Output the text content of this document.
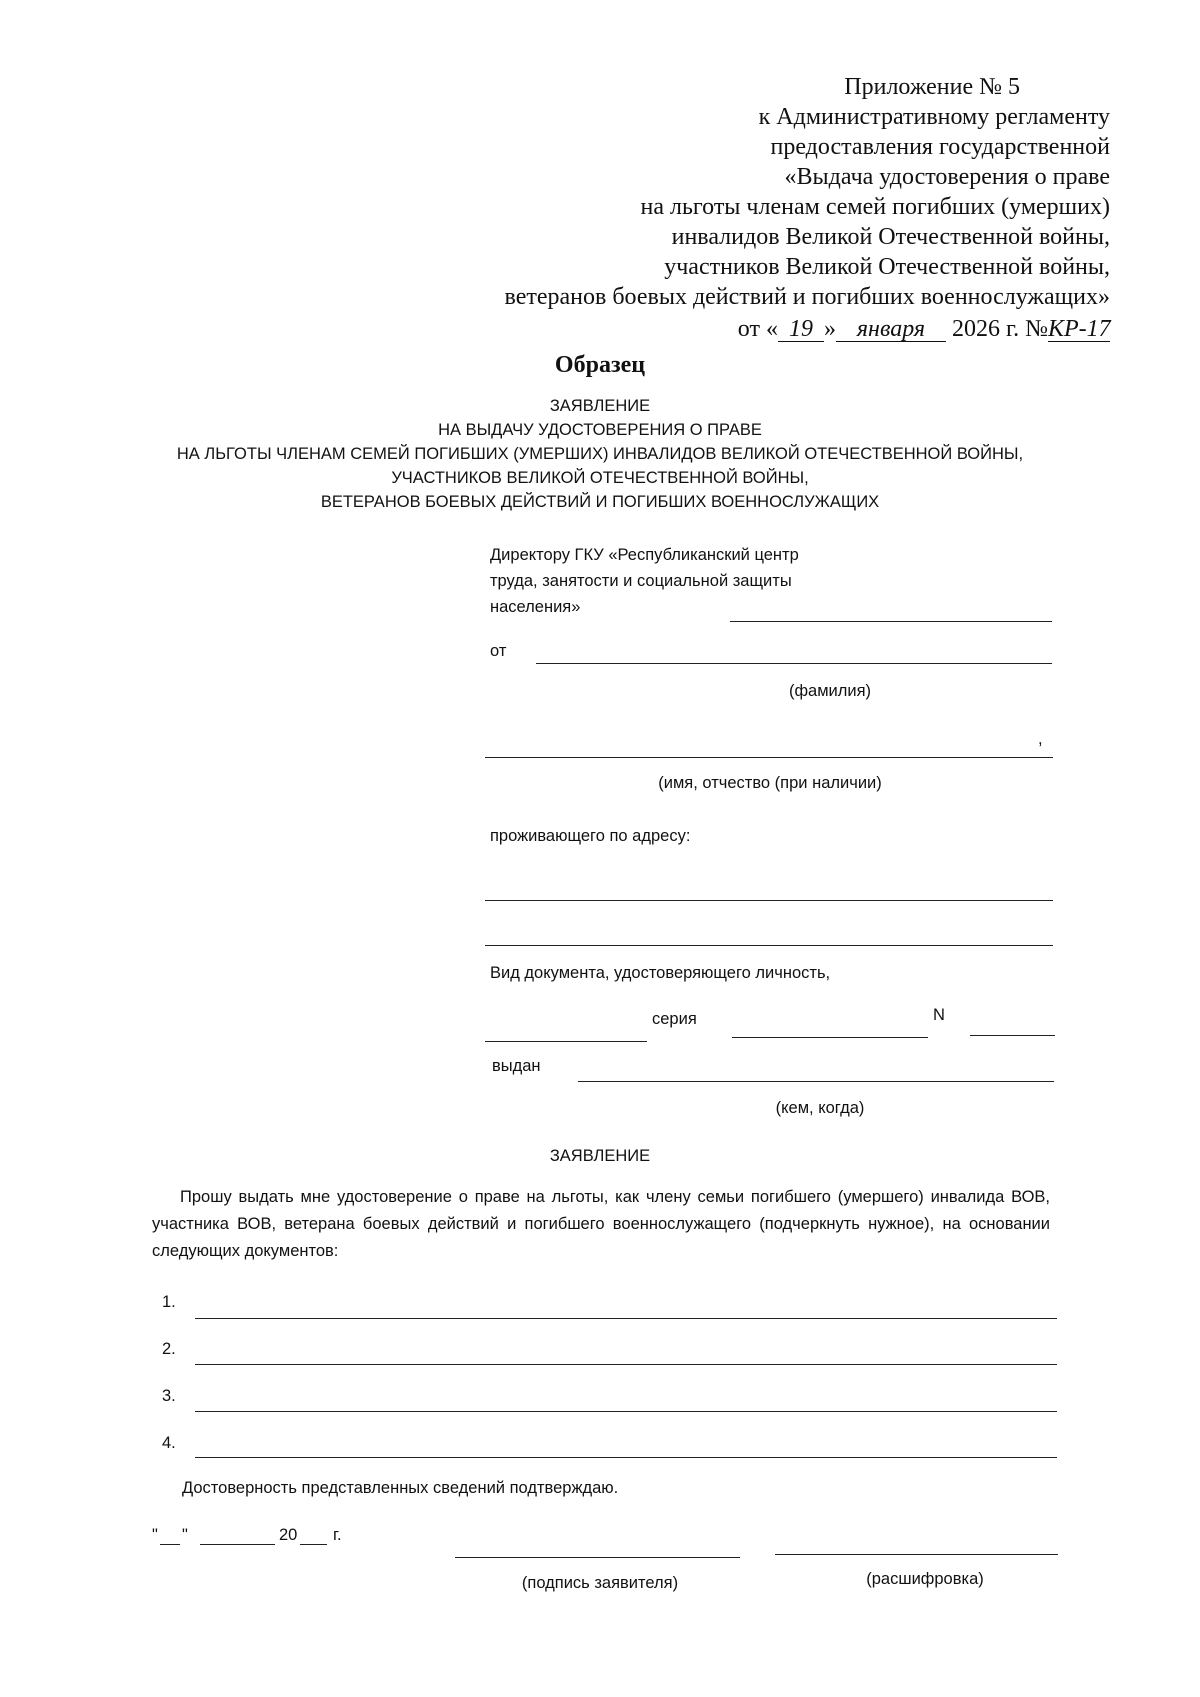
Приложение № 5
к Административному регламенту
предоставления государственной
«Выдача удостоверения о праве
на льготы членам семей погибших (умерших)
инвалидов Великой Отечественной войны,
участников Великой Отечественной войны,
ветеранов боевых действий и погибших военнослужащих»
от « 19 » января 2026 г. №КР-17
Образец
ЗАЯВЛЕНИЕ
НА ВЫДАЧУ УДОСТОВЕРЕНИЯ О ПРАВЕ
НА ЛЬГОТЫ ЧЛЕНАМ СЕМЕЙ ПОГИБШИХ (УМЕРШИХ) ИНВАЛИДОВ ВЕЛИКОЙ ОТЕЧЕСТВЕННОЙ ВОЙНЫ,
УЧАСТНИКОВ ВЕЛИКОЙ ОТЕЧЕСТВЕННОЙ ВОЙНЫ,
ВЕТЕРАНОВ БОЕВЫХ ДЕЙСТВИЙ И ПОГИБШИХ ВОЕННОСЛУЖАЩИХ
Директору ГКУ «Республиканский центр
труда, занятости и социальной защиты
населения»
от
(фамилия)
,
(имя, отчество (при наличии)
проживающего по адресу:
Вид документа, удостоверяющего личность,
серия	N
выдан
(кем, когда)
ЗАЯВЛЕНИЕ
Прошу выдать мне удостоверение о праве на льготы, как члену семьи погибшего (умершего) инвалида ВОВ, участника ВОВ, ветерана боевых действий и погибшего военнослужащего (подчеркнуть нужное), на основании следующих документов:
1.
2.
3.
4.
Достоверность представленных сведений подтверждаю.
" "	20 г.
(подпись заявителя)	(расшифровка)
